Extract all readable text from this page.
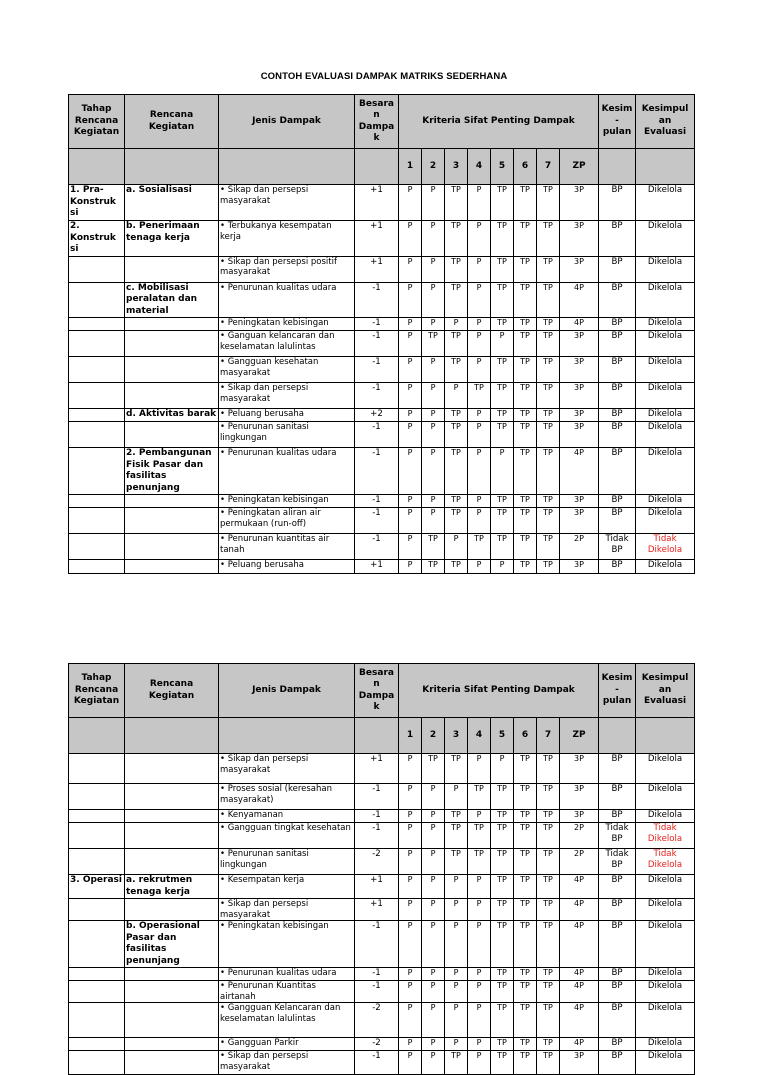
CONTOH EVALUASI DAMPAK MATRIKS SEDERHANA
Tahap Rencana Kegiatan	Rencana Kegiatan	Jenis Dampak	Besara n Dampa k	Kriteria Sifat Penting Dampak								Kesim - pulan	Kesimpul an Evaluasi
				1	2	3	4	5	6	7	ZP		
1. Pra-Konstruk si	a. Sosialisasi	• Sikap dan persepsi masyarakat	+1	P	P	TP	P	TP	TP	TP	3P	BP	Dikelola
2. Konstruk si	b. Penerimaan tenaga kerja	• Terbukanya kesempatan kerja	+1	P	P	TP	P	TP	TP	TP	3P	BP	Dikelola
		• Sikap dan persepsi positif masyarakat	+1	P	P	TP	P	TP	TP	TP	3P	BP	Dikelola
	c. Mobilisasi peralatan dan material	• Penurunan kualitas udara	-1	P	P	TP	P	TP	TP	TP	4P	BP	Dikelola
		• Peningkatan kebisingan	-1	P	P	P	P	TP	TP	TP	4P	BP	Dikelola
		• Ganguan kelancaran dan keselamatan lalulintas	-1	P	TP	TP	P	P	TP	TP	3P	BP	Dikelola
		• Gangguan kesehatan masyarakat	-1	P	P	TP	P	TP	TP	TP	3P	BP	Dikelola
		• Sikap dan persepsi masyarakat	-1	P	P	P	TP	TP	TP	TP	3P	BP	Dikelola
	d. Aktivitas barak	• Peluang berusaha	+2	P	P	TP	P	TP	TP	TP	3P	BP	Dikelola
		• Penurunan sanitasi lingkungan	-1	P	P	TP	P	TP	TP	TP	3P	BP	Dikelola
	2. Pembangunan Fisik Pasar dan fasilitas penunjang	• Penurunan kualitas udara	-1	P	P	TP	P	P	TP	TP	4P	BP	Dikelola
		• Peningkatan kebisingan	-1	P	P	TP	P	TP	TP	TP	3P	BP	Dikelola
		• Peningkatan aliran air permukaan (run-off)	-1	P	P	TP	P	TP	TP	TP	3P	BP	Dikelola
		• Penurunan kuantitas air tanah	-1	P	TP	P	TP	TP	TP	TP	2P	Tidak BP	Tidak Dikelola
		• Peluang berusaha	+1	P	TP	TP	P	P	TP	TP	3P	BP	Dikelola
Tahap Rencana Kegiatan	Rencana Kegiatan	Jenis Dampak	Besara n Dampa k	Kriteria Sifat Penting Dampak								Kesim - pulan	Kesimpul an Evaluasi
				1	2	3	4	5	6	7	ZP		
		• Sikap dan persepsi masyarakat	+1	P	TP	TP	P	P	TP	TP	3P	BP	Dikelola
		• Proses sosial (keresahan masyarakat)	-1	P	P	P	TP	TP	TP	TP	3P	BP	Dikelola
		• Kenyamanan	-1	P	P	TP	P	TP	TP	TP	3P	BP	Dikelola
		• Gangguan tingkat kesehatan	-1	P	P	TP	TP	TP	TP	TP	2P	Tidak BP	Tidak Dikelola
		• Penurunan sanitasi lingkungan	-2	P	P	TP	TP	TP	TP	TP	2P	Tidak BP	Tidak Dikelola
3. Operasi	a. rekrutmen tenaga kerja	• Kesempatan kerja	+1	P	P	P	P	TP	TP	TP	4P	BP	Dikelola
		• Sikap dan persepsi masyarakat	+1	P	P	P	P	TP	TP	TP	4P	BP	Dikelola
	b. Operasional Pasar dan fasilitas penunjang	• Peningkatan kebisingan	-1	P	P	P	P	TP	TP	TP	4P	BP	Dikelola
		• Penurunan kualitas udara	-1	P	P	P	P	TP	TP	TP	4P	BP	Dikelola
		• Penurunan Kuantitas airtanah	-1	P	P	P	P	TP	TP	TP	4P	BP	Dikelola
		• Gangguan Kelancaran dan keselamatan lalulintas	-2	P	P	P	P	TP	TP	TP	4P	BP	Dikelola
		• Gangguan Parkir	-2	P	P	P	P	TP	TP	TP	4P	BP	Dikelola
		• Sikap dan persepsi masyarakat	-1	P	P	TP	P	TP	TP	TP	3P	BP	Dikelola
